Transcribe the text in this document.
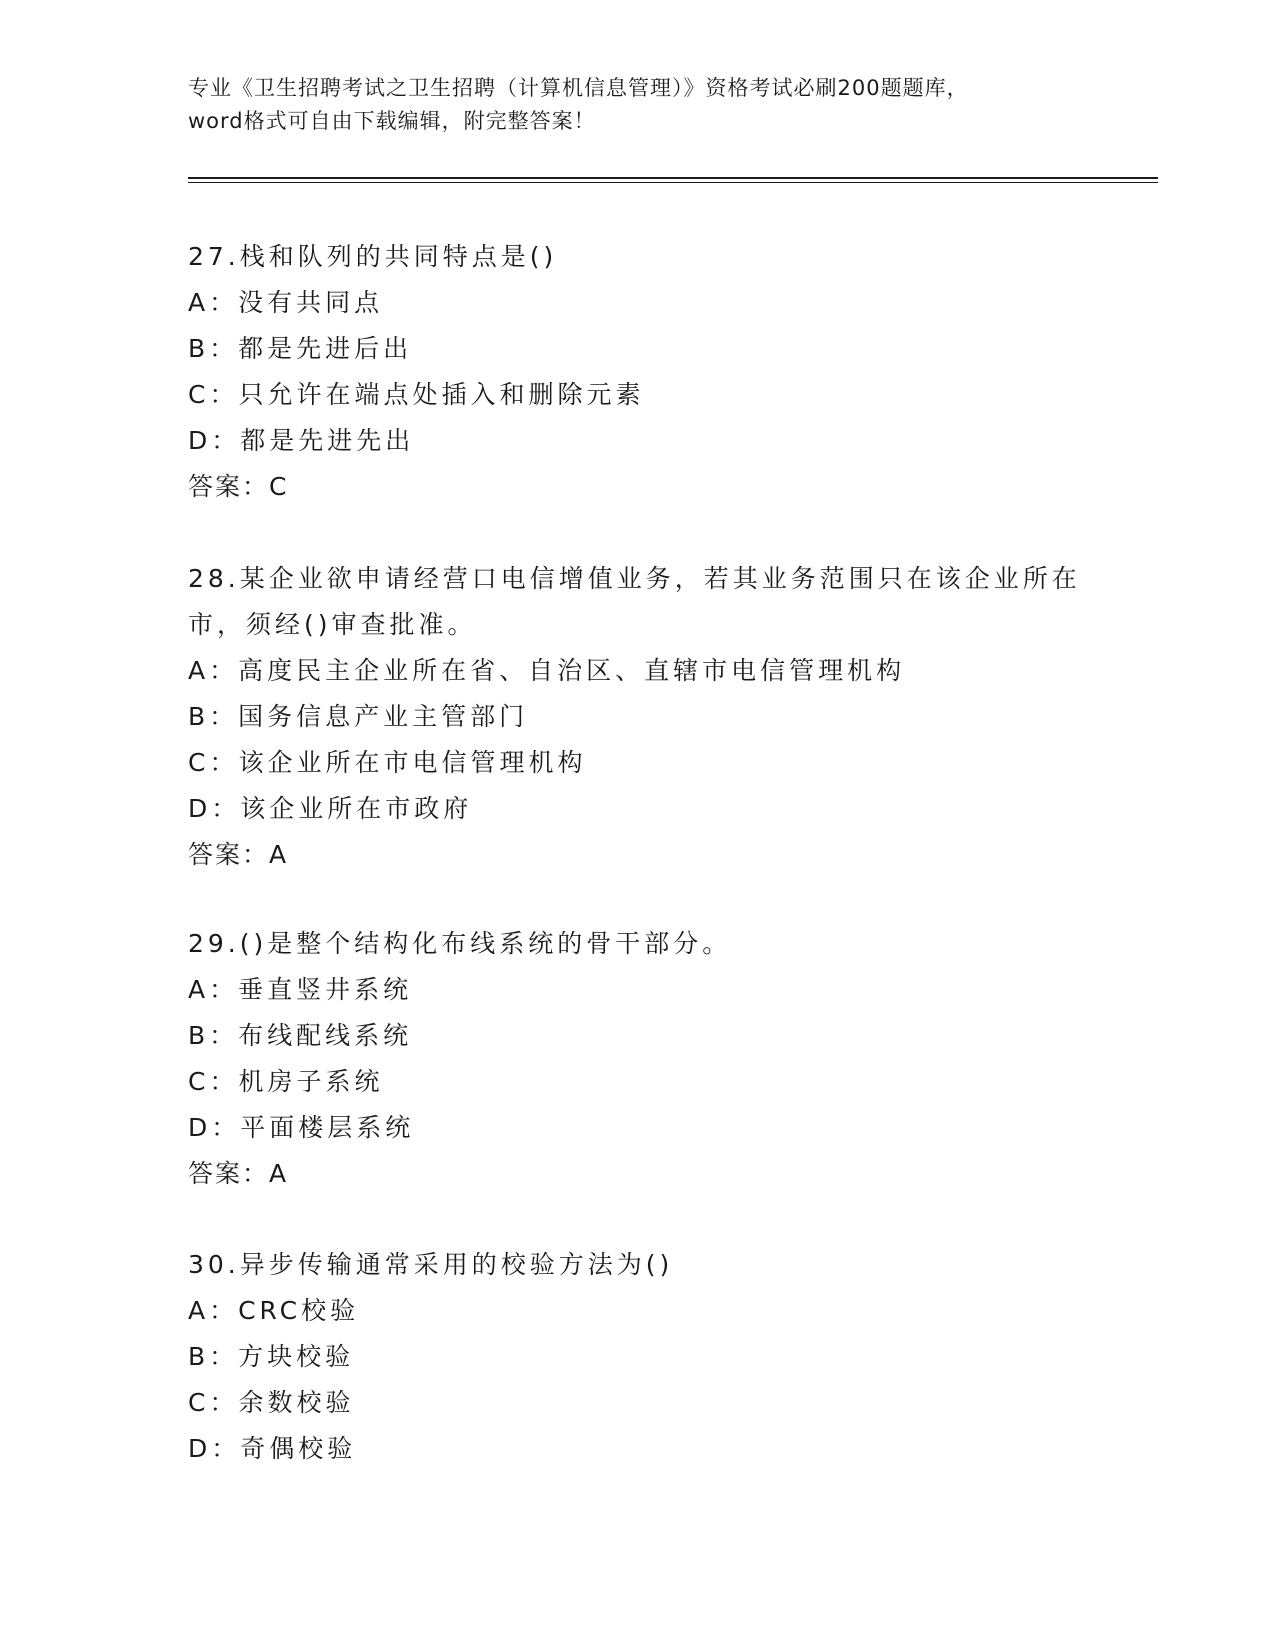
专业《卫生招聘考试之卫生招聘（计算机信息管理）》资格考试必刷200题题库，
word格式可自由下载编辑，附完整答案！
27.栈和队列的共同特点是()
A：没有共同点
B：都是先进后出
C：只允许在端点处插入和删除元素
D：都是先进先出
答案：C
28.某企业欲申请经营口电信增值业务，若其业务范围只在该企业所在
市，须经()审查批准。
A：高度民主企业所在省、自治区、直辖市电信管理机构
B：国务信息产业主管部门
C：该企业所在市电信管理机构
D：该企业所在市政府
答案：A
29.()是整个结构化布线系统的骨干部分。
A：垂直竖井系统
B：布线配线系统
C：机房子系统
D：平面楼层系统
答案：A
30.异步传输通常采用的校验方法为()
A：CRC校验
B：方块校验
C：余数校验
D：奇偶校验
